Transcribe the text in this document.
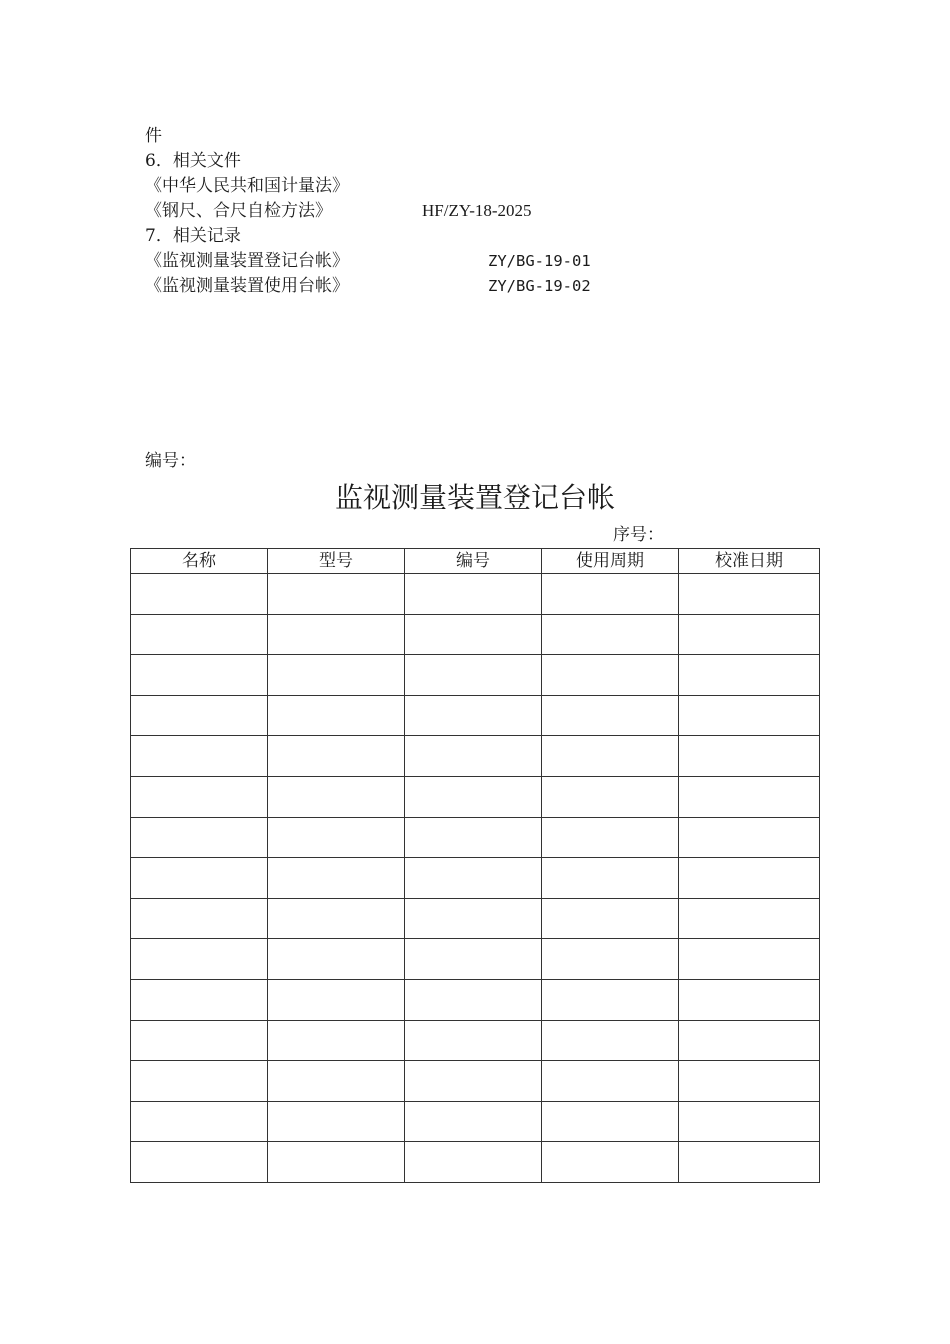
件
6．相关文件
《中华人民共和国计量法》
《钢尺、合尺自检方法》	HF/ZY-18-2025
7．相关记录
《监视测量装置登记台帐》	ZY/BG-19-01
《监视测量装置使用台帐》	ZY/BG-19-02
编号：
监视测量装置登记台帐
序号：
名称	型号	编号	使用周期	校准日期
